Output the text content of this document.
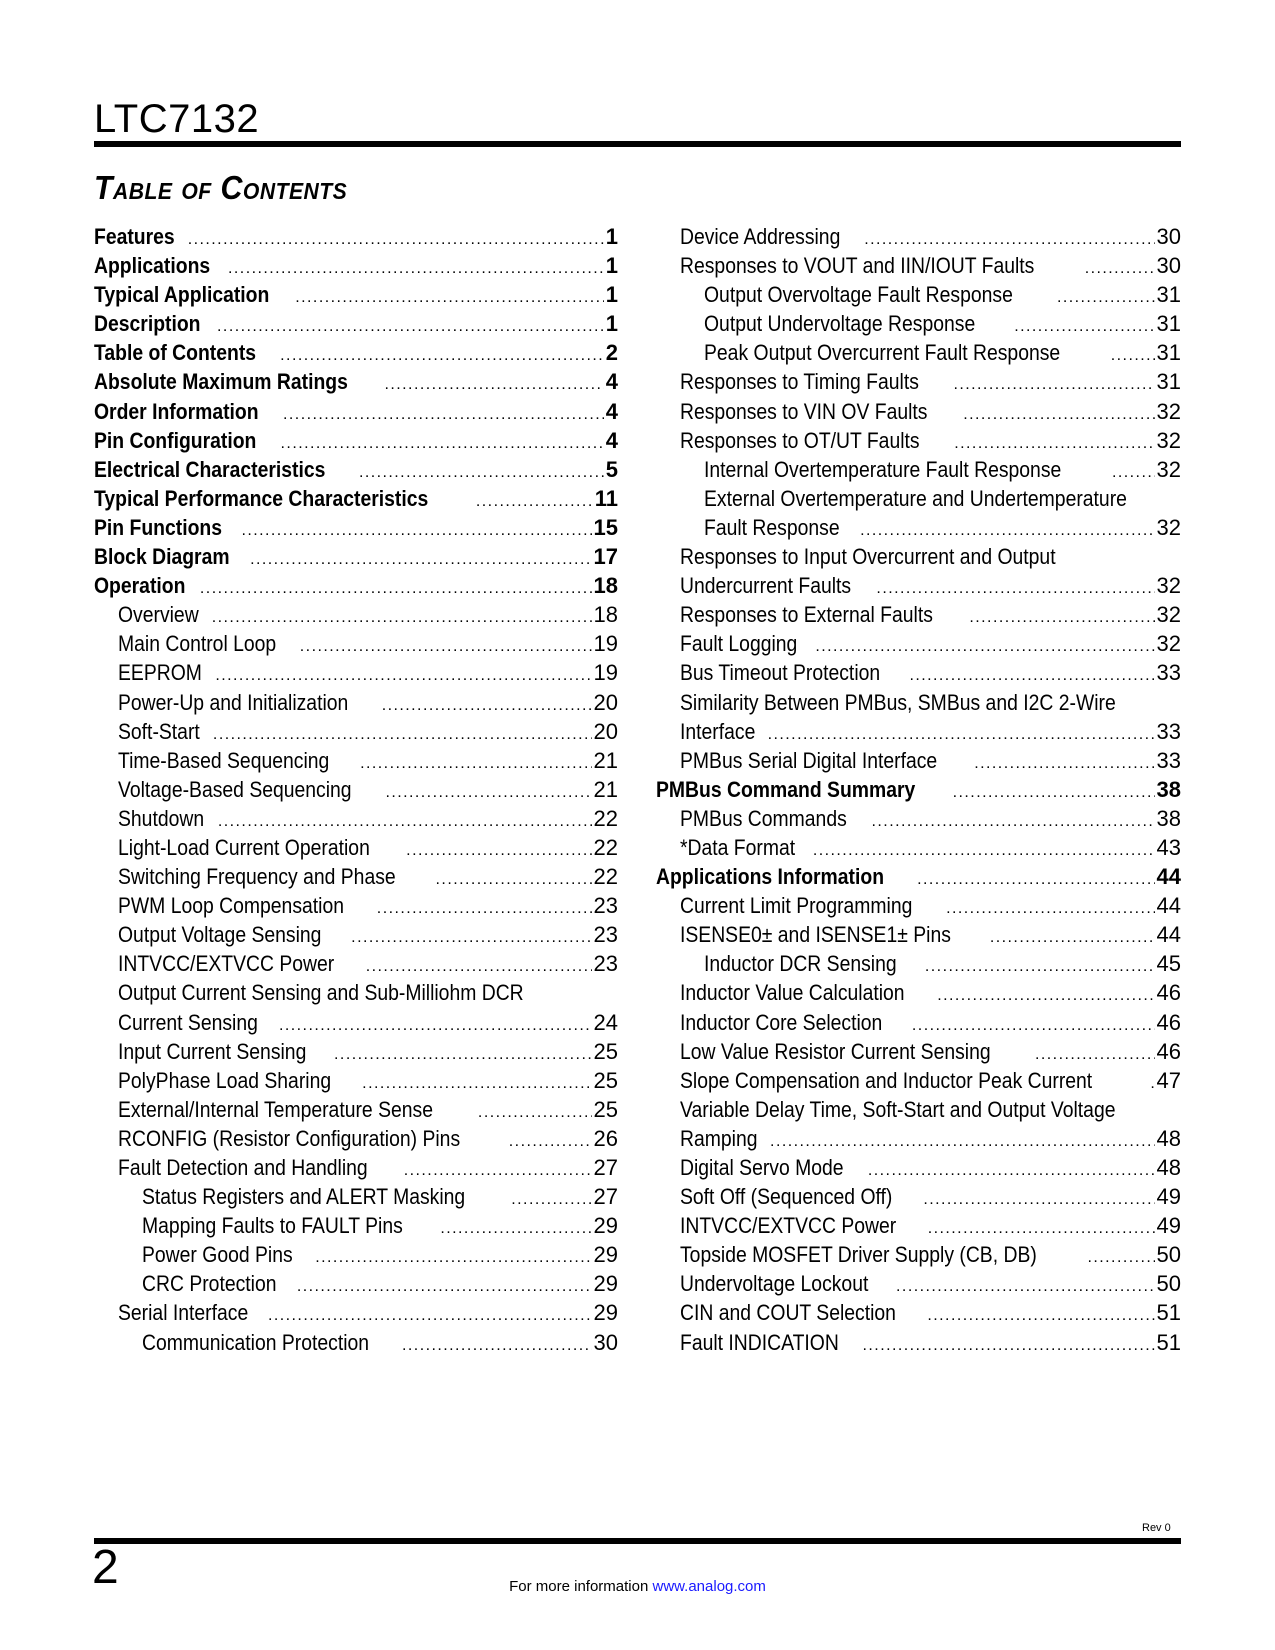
LTC7132
Table of Contents
Features . . .	1
Applications . . .	1
Typical Application . . .	1
Description . . .	1
Table of Contents . . .	2
Absolute Maximum Ratings . . .	4
Order Information . . .	4
Pin Configuration . . .	4
Electrical Characteristics . . .	5
Typical Performance Characteristics . . .	11
Pin Functions . . .	15
Block Diagram . . .	17
Operation . . .	18
Overview . . .	18
Main Control Loop . . .	19
EEPROM . . .	19
Power-Up and Initialization . . .	20
Soft-Start . . .	20
Time-Based Sequencing . . .	21
Voltage-Based Sequencing . . .	21
Shutdown . . .	22
Light-Load Current Operation . . .	22
Switching Frequency and Phase . . .	22
PWM Loop Compensation . . .	23
Output Voltage Sensing . . .	23
INTVCC/EXTVCC Power . . .	23
Output Current Sensing and Sub-Milliohm DCR
Current Sensing . . .	24
Input Current Sensing . . .	25
PolyPhase Load Sharing . . .	25
External/Internal Temperature Sense . . .	25
RCONFIG (Resistor Configuration) Pins . . .	26
Fault Detection and Handling . . .	27
Status Registers and ALERT Masking . . .	27
Mapping Faults to FAULT Pins . . .	29
Power Good Pins . . .	29
CRC Protection . . .	29
Serial Interface . . .	29
Communication Protection . . .	30
Device Addressing . . .	30
Responses to VOUT and IIN/IOUT Faults . . .	30
Output Overvoltage Fault Response . . .	31
Output Undervoltage Response . . .	31
Peak Output Overcurrent Fault Response . . .	31
Responses to Timing Faults . . .	31
Responses to VIN OV Faults . . .	32
Responses to OT/UT Faults . . .	32
Internal Overtemperature Fault Response . . .	32
External Overtemperature and Undertemperature
Fault Response . . .	32
Responses to Input Overcurrent and Output
Undercurrent Faults . . .	32
Responses to External Faults . . .	32
Fault Logging . . .	32
Bus Timeout Protection . . .	33
Similarity Between PMBus, SMBus and I2C 2-Wire
Interface . . .	33
PMBus Serial Digital Interface . . .	33
PMBus Command Summary . . .	38
PMBus Commands . . .	38
*Data Format . . .	43
Applications Information . . .	44
Current Limit Programming . . .	44
ISENSE0± and ISENSE1± Pins . . .	44
Inductor DCR Sensing . . .	45
Inductor Value Calculation . . .	46
Inductor Core Selection . . .	46
Low Value Resistor Current Sensing . . .	46
Slope Compensation and Inductor Peak Current . . .	47
Variable Delay Time, Soft-Start and Output Voltage
Ramping . . .	48
Digital Servo Mode . . .	48
Soft Off (Sequenced Off) . . .	49
INTVCC/EXTVCC Power . . .	49
Topside MOSFET Driver Supply (CB, DB) . . .	50
Undervoltage Lockout . . .	50
CIN and COUT Selection . . .	51
Fault INDICATION . . .	51
Rev 0
2	For more information www.analog.com
